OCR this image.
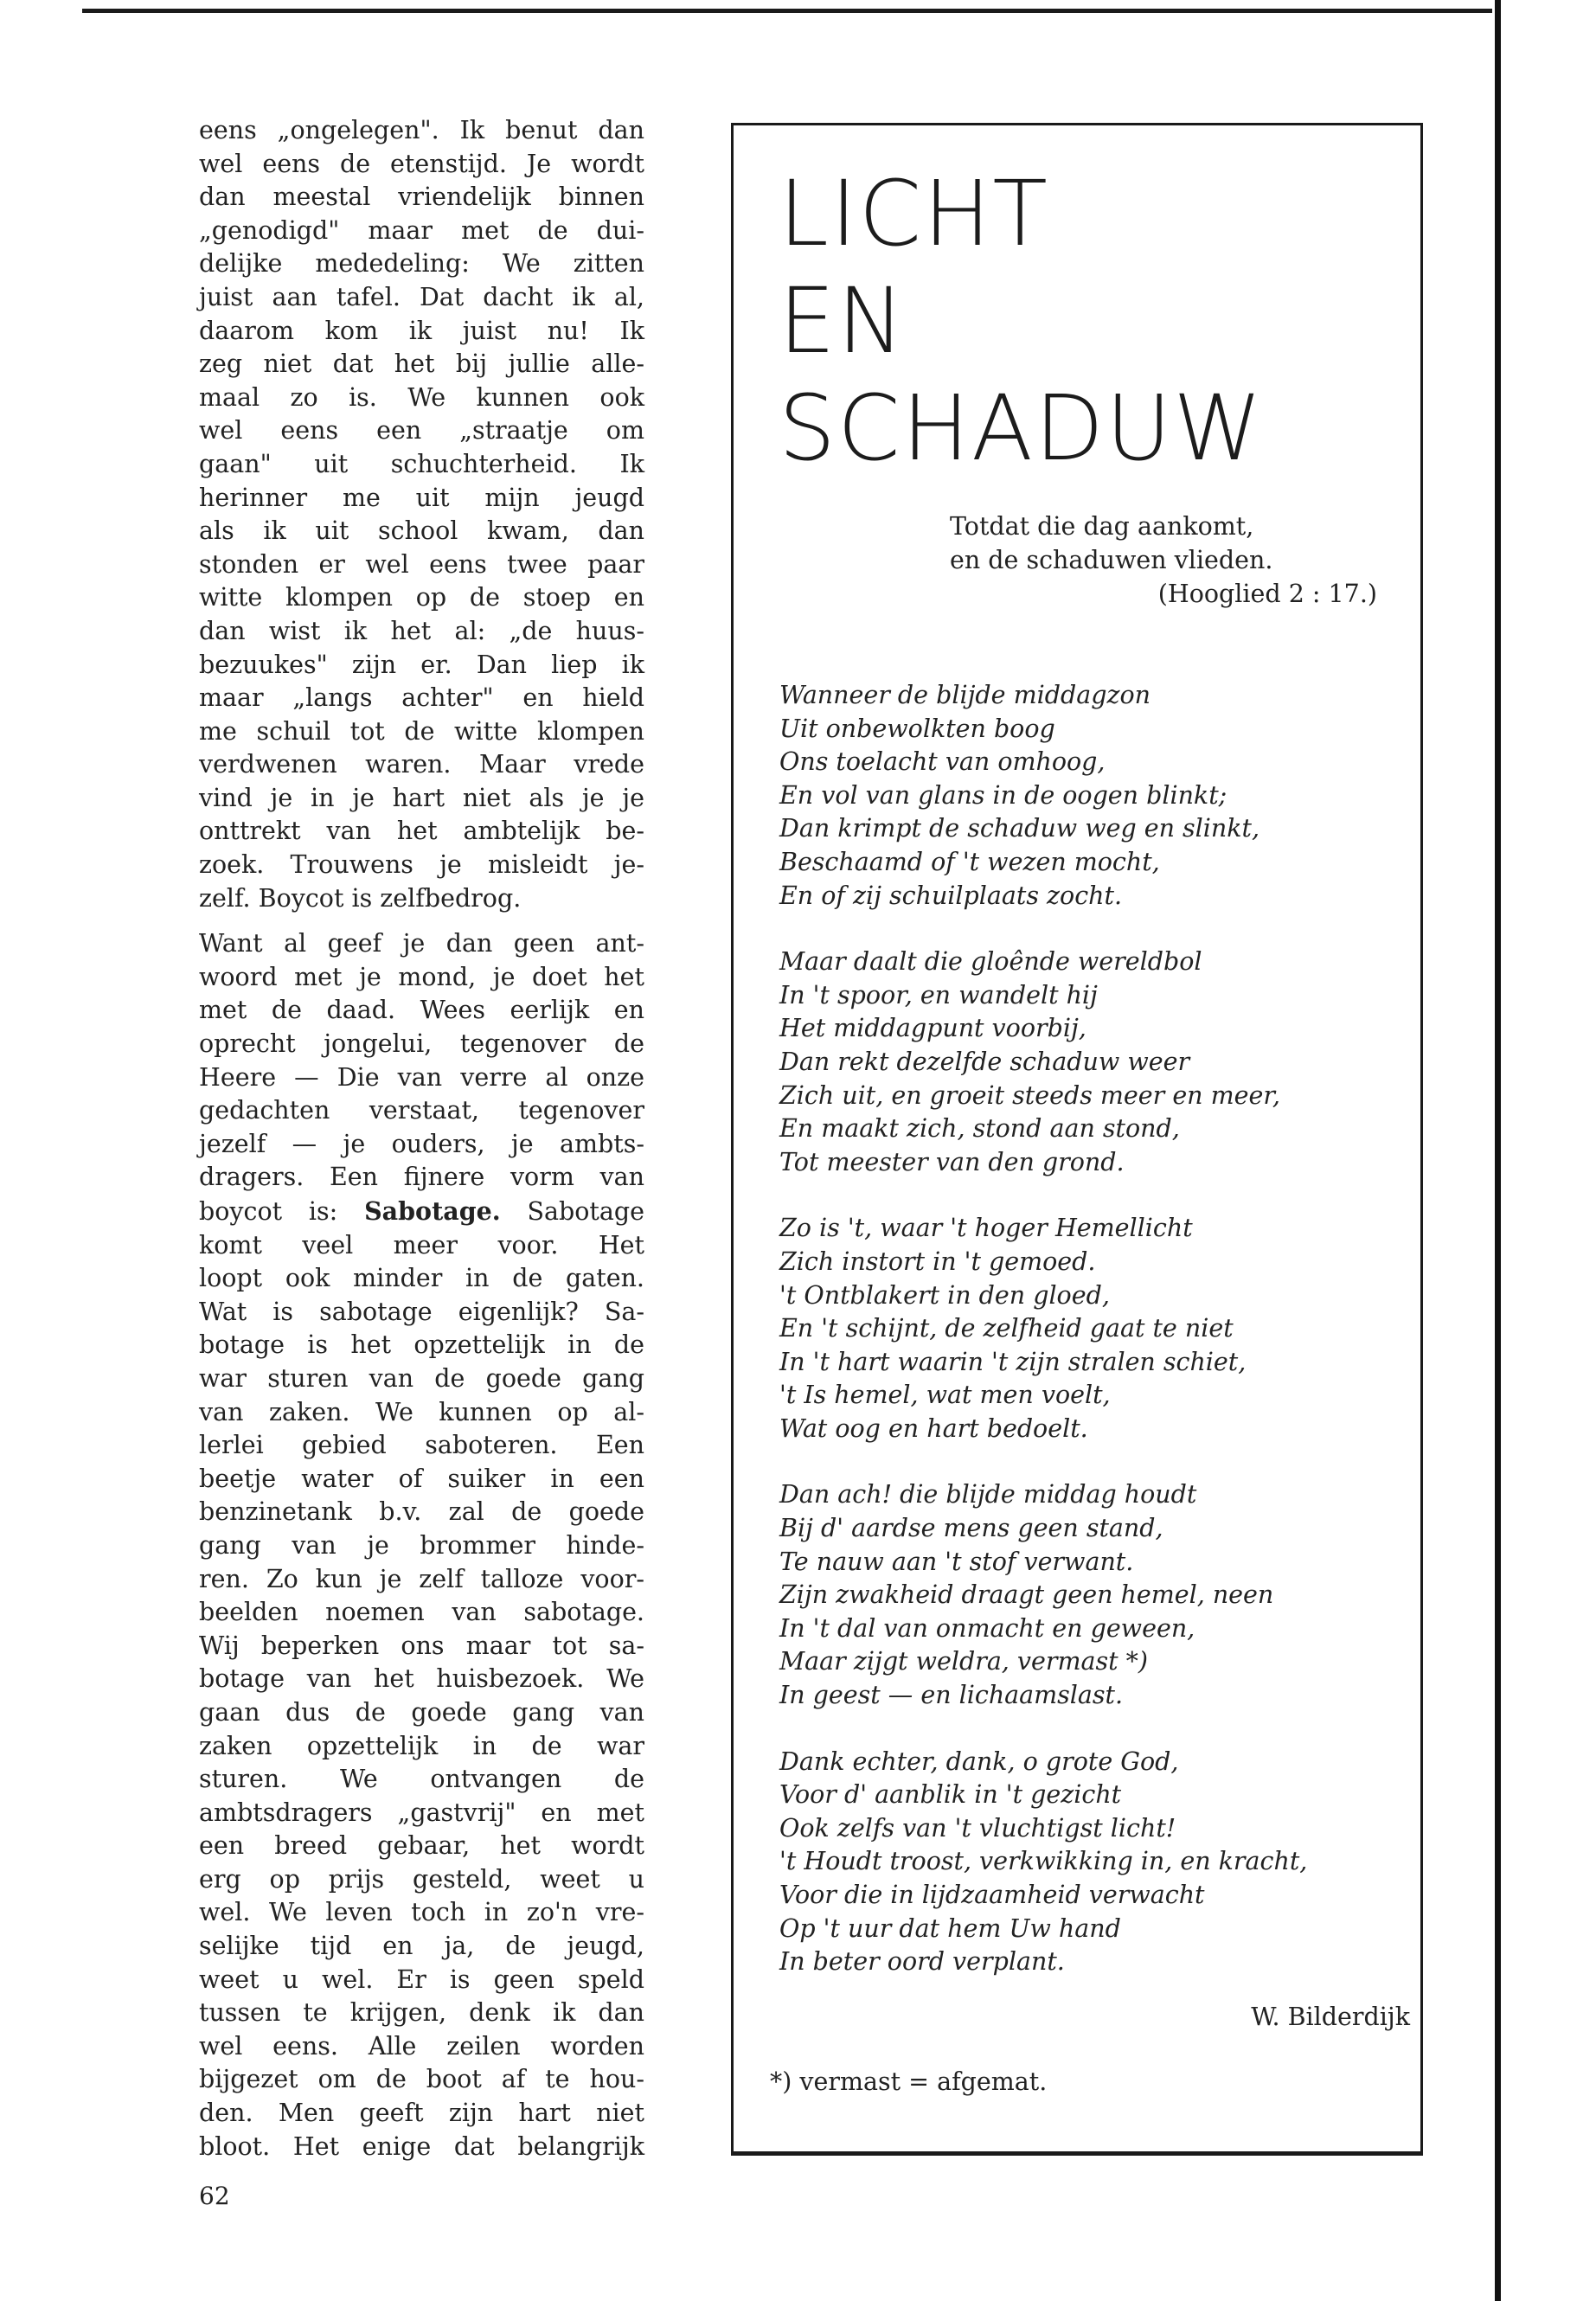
eens „ongelegen". Ik benut dan
wel eens de etenstijd. Je wordt
dan meestal vriendelijk binnen
„genodigd" maar met de dui-
delijke mededeling: We zitten
juist aan tafel. Dat dacht ik al,
daarom kom ik juist nu! Ik
zeg niet dat het bij jullie alle-
maal zo is. We kunnen ook
wel eens een „straatje om
gaan" uit schuchterheid. Ik
herinner me uit mijn jeugd
als ik uit school kwam, dan
stonden er wel eens twee paar
witte klompen op de stoep en
dan wist ik het al: „de huus-
bezuukes" zijn er. Dan liep ik
maar „langs achter" en hield
me schuil tot de witte klompen
verdwenen waren. Maar vrede
vind je in je hart niet als je je
onttrekt van het ambtelijk be-
zoek. Trouwens je misleidt je-
zelf. Boycot is zelfbedrog.
Want al geef je dan geen ant-
woord met je mond, je doet het
met de daad. Wees eerlijk en
oprecht jongelui, tegenover de
Heere — Die van verre al onze
gedachten verstaat, tegenover
jezelf — je ouders, je ambts-
dragers. Een fijnere vorm van
boycot is: Sabotage. Sabotage
komt veel meer voor. Het
loopt ook minder in de gaten.
Wat is sabotage eigenlijk? Sa-
botage is het opzettelijk in de
war sturen van de goede gang
van zaken. We kunnen op al-
lerlei gebied saboteren. Een
beetje water of suiker in een
benzinetank b.v. zal de goede
gang van je brommer hinde-
ren. Zo kun je zelf talloze voor-
beelden noemen van sabotage.
Wij beperken ons maar tot sa-
botage van het huisbezoek. We
gaan dus de goede gang van
zaken opzettelijk in de war
sturen. We ontvangen de
ambtsdragers „gastvrij" en met
een breed gebaar, het wordt
erg op prijs gesteld, weet u
wel. We leven toch in zo'n vre-
selijke tijd en ja, de jeugd,
weet u wel. Er is geen speld
tussen te krijgen, denk ik dan
wel eens. Alle zeilen worden
bijgezet om de boot af te hou-
den. Men geeft zijn hart niet
bloot. Het enige dat belangrijk
62
LICHT
EN
SCHADUW
Totdat die dag aankomt,
en de schaduwen vlieden.
(Hooglied 2 : 17.)
Wanneer de blijde middagzon
Uit onbewolkten boog
Ons toelacht van omhoog,
En vol van glans in de oogen blinkt;
Dan krimpt de schaduw weg en slinkt,
Beschaamd of 't wezen mocht,
En of zij schuilplaats zocht.
Maar daalt die gloênde wereldbol
In 't spoor, en wandelt hij
Het middagpunt voorbij,
Dan rekt dezelfde schaduw weer
Zich uit, en groeit steeds meer en meer,
En maakt zich, stond aan stond,
Tot meester van den grond.
Zo is 't, waar 't hoger Hemellicht
Zich instort in 't gemoed.
't Ontblakert in den gloed,
En 't schijnt, de zelfheid gaat te niet
In 't hart waarin 't zijn stralen schiet,
't Is hemel, wat men voelt,
Wat oog en hart bedoelt.
Dan ach! die blijde middag houdt
Bij d' aardse mens geen stand,
Te nauw aan 't stof verwant.
Zijn zwakheid draagt geen hemel, neen
In 't dal van onmacht en geween,
Maar zijgt weldra, vermast *)
In geest — en lichaamslast.
Dank echter, dank, o grote God,
Voor d' aanblik in 't gezicht
Ook zelfs van 't vluchtigst licht!
't Houdt troost, verkwikking in, en kracht,
Voor die in lijdzaamheid verwacht
Op 't uur dat hem Uw hand
In beter oord verplant.
W. Bilderdijk
*) vermast = afgemat.
